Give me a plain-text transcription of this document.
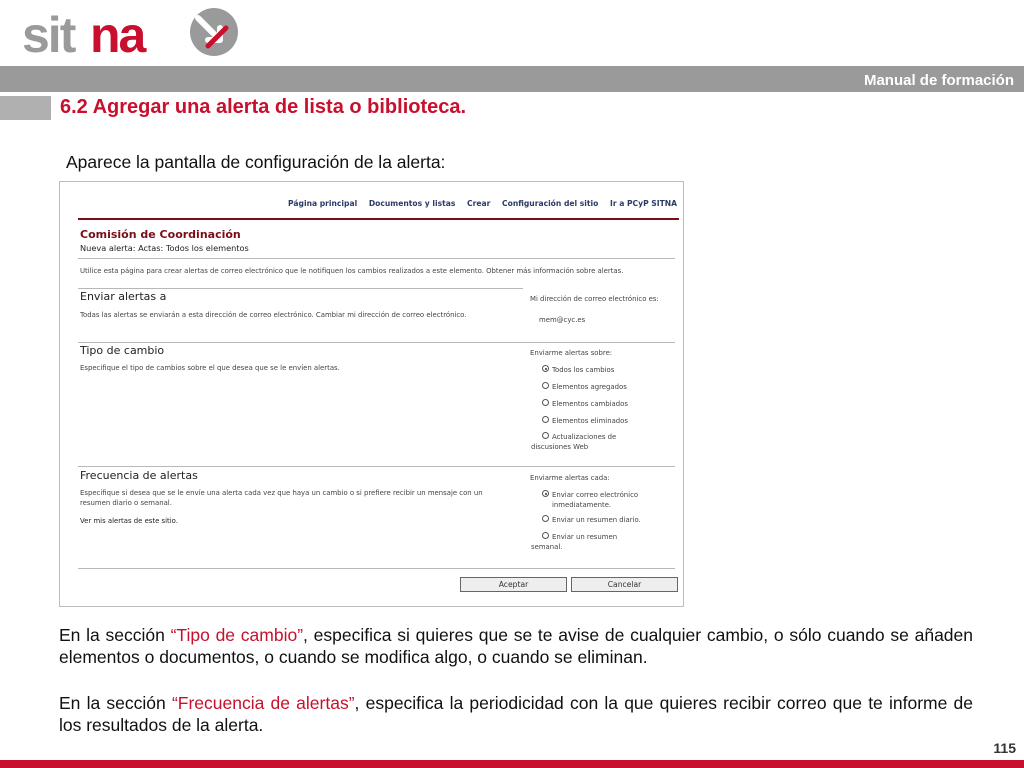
sit na
Manual de formación
6.2 Agregar una alerta de lista o biblioteca.
Aparece la pantalla de configuración de la alerta:
Página principal Documentos y listas Crear Configuración del sitio Ir a PCyP SITNA
Comisión de Coordinación
Nueva alerta: Actas: Todos los elementos
Utilice esta página para crear alertas de correo electrónico que le notifiquen los cambios realizados a este elemento. Obtener más información sobre alertas.
Enviar alertas a
Todas las alertas se enviarán a esta dirección de correo electrónico. Cambiar mi dirección de correo electrónico.
Mi dirección de correo electrónico es:
mem@cyc.es
Tipo de cambio
Especifique el tipo de cambios sobre el que desea que se le envíen alertas.
Enviarme alertas sobre:
Todos los cambios
Elementos agregados
Elementos cambiados
Elementos eliminados
Actualizaciones de discusiones Web
Frecuencia de alertas
Especifique si desea que se le envíe una alerta cada vez que haya un cambio o si prefiere recibir un mensaje con un resumen diario o semanal.
Ver mis alertas de este sitio.
Enviarme alertas cada:
Enviar correo electrónico inmediatamente.
Enviar un resumen diario.
Enviar un resumen semanal.
Aceptar	Cancelar
En la sección “Tipo de cambio”, especifica si quieres que se te avise de cualquier cambio, o sólo cuando se añaden elementos o documentos, o cuando se modifica algo, o cuando se eliminan.
En la sección “Frecuencia de alertas”, especifica la periodicidad con la que quieres recibir correo que te informe de los resultados de la alerta.
115
